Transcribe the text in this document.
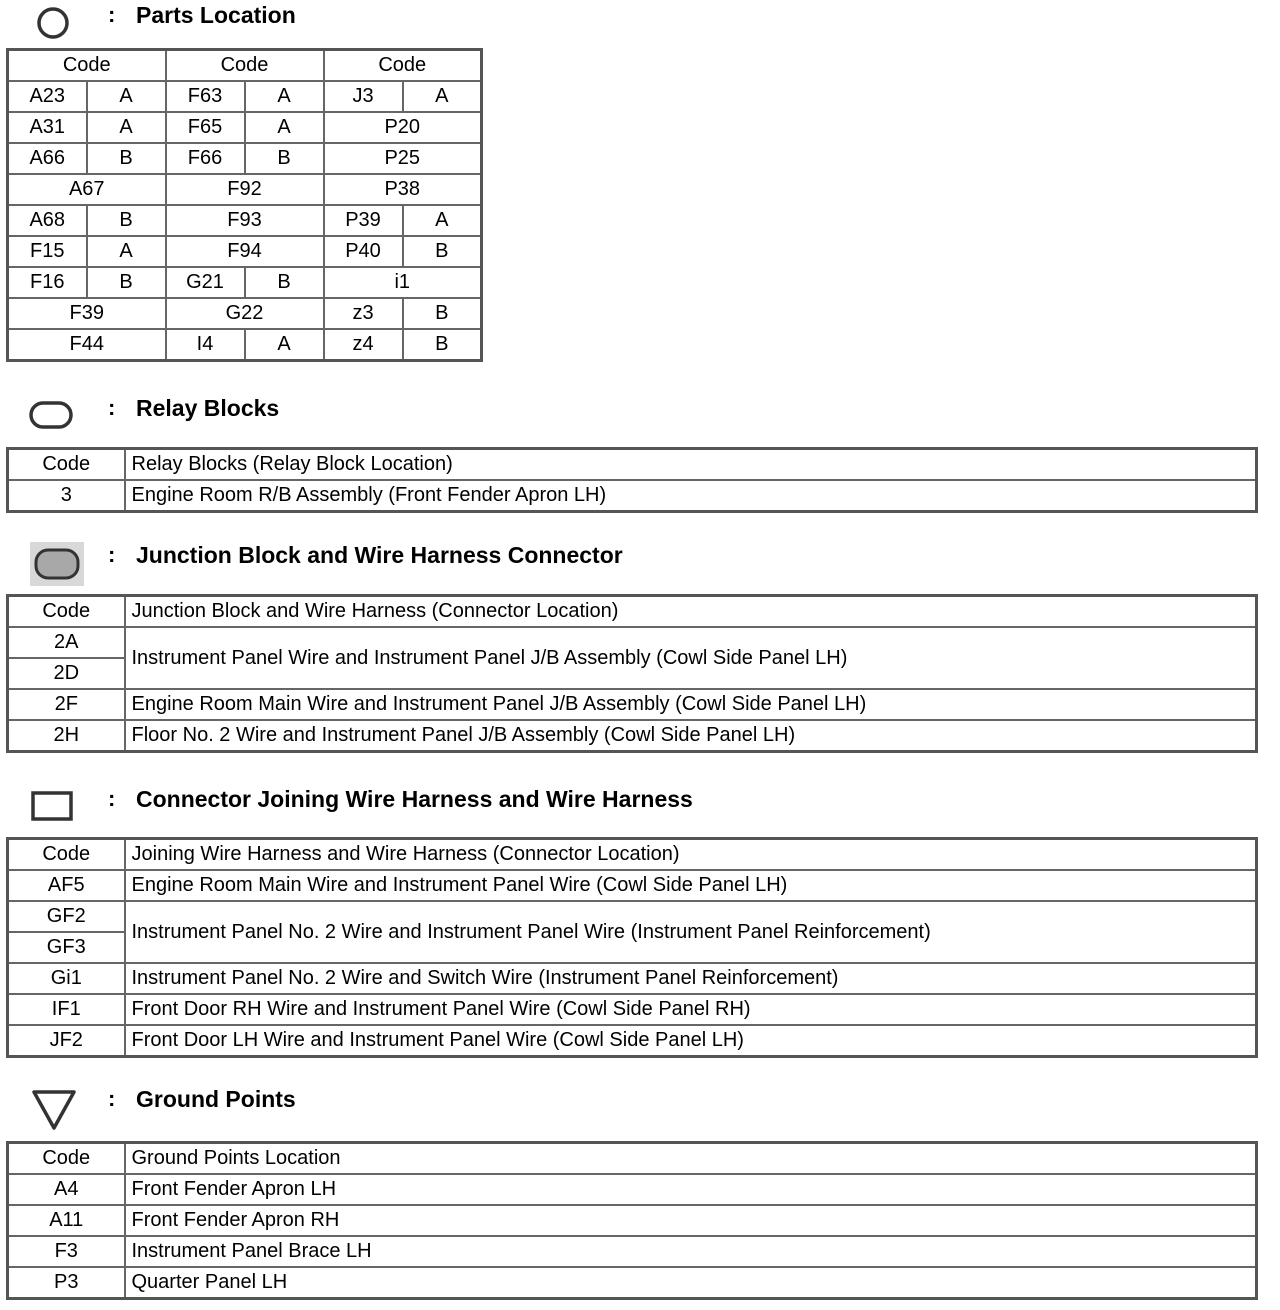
: Parts Location
Code		Code		Code	
A23	A	F63	A	J3	A
A31	A	F65	A	P20	
A66	B	F66	B	P25	
A67		F92		P38	
A68	B	F93		P39	A
F15	A	F94		P40	B
F16	B	G21	B	i1	
F39		G22		z3	B
F44		I4	A	z4	B
: Relay Blocks
Code	Relay Blocks (Relay Block Location)
3	Engine Room R/B Assembly (Front Fender Apron LH)
: Junction Block and Wire Harness Connector
Code	Junction Block and Wire Harness (Connector Location)
2A	Instrument Panel Wire and Instrument Panel J/B Assembly (Cowl Side Panel LH)
2D	
2F	Engine Room Main Wire and Instrument Panel J/B Assembly (Cowl Side Panel LH)
2H	Floor No. 2 Wire and Instrument Panel J/B Assembly (Cowl Side Panel LH)
: Connector Joining Wire Harness and Wire Harness
Code	Joining Wire Harness and Wire Harness (Connector Location)
AF5	Engine Room Main Wire and Instrument Panel Wire (Cowl Side Panel LH)
GF2	Instrument Panel No. 2 Wire and Instrument Panel Wire (Instrument Panel Reinforcement)
GF3	
Gi1	Instrument Panel No. 2 Wire and Switch Wire (Instrument Panel Reinforcement)
IF1	Front Door RH Wire and Instrument Panel Wire (Cowl Side Panel RH)
JF2	Front Door LH Wire and Instrument Panel Wire (Cowl Side Panel LH)
: Ground Points
Code	Ground Points Location
A4	Front Fender Apron LH
A11	Front Fender Apron RH
F3	Instrument Panel Brace LH
P3	Quarter Panel LH
